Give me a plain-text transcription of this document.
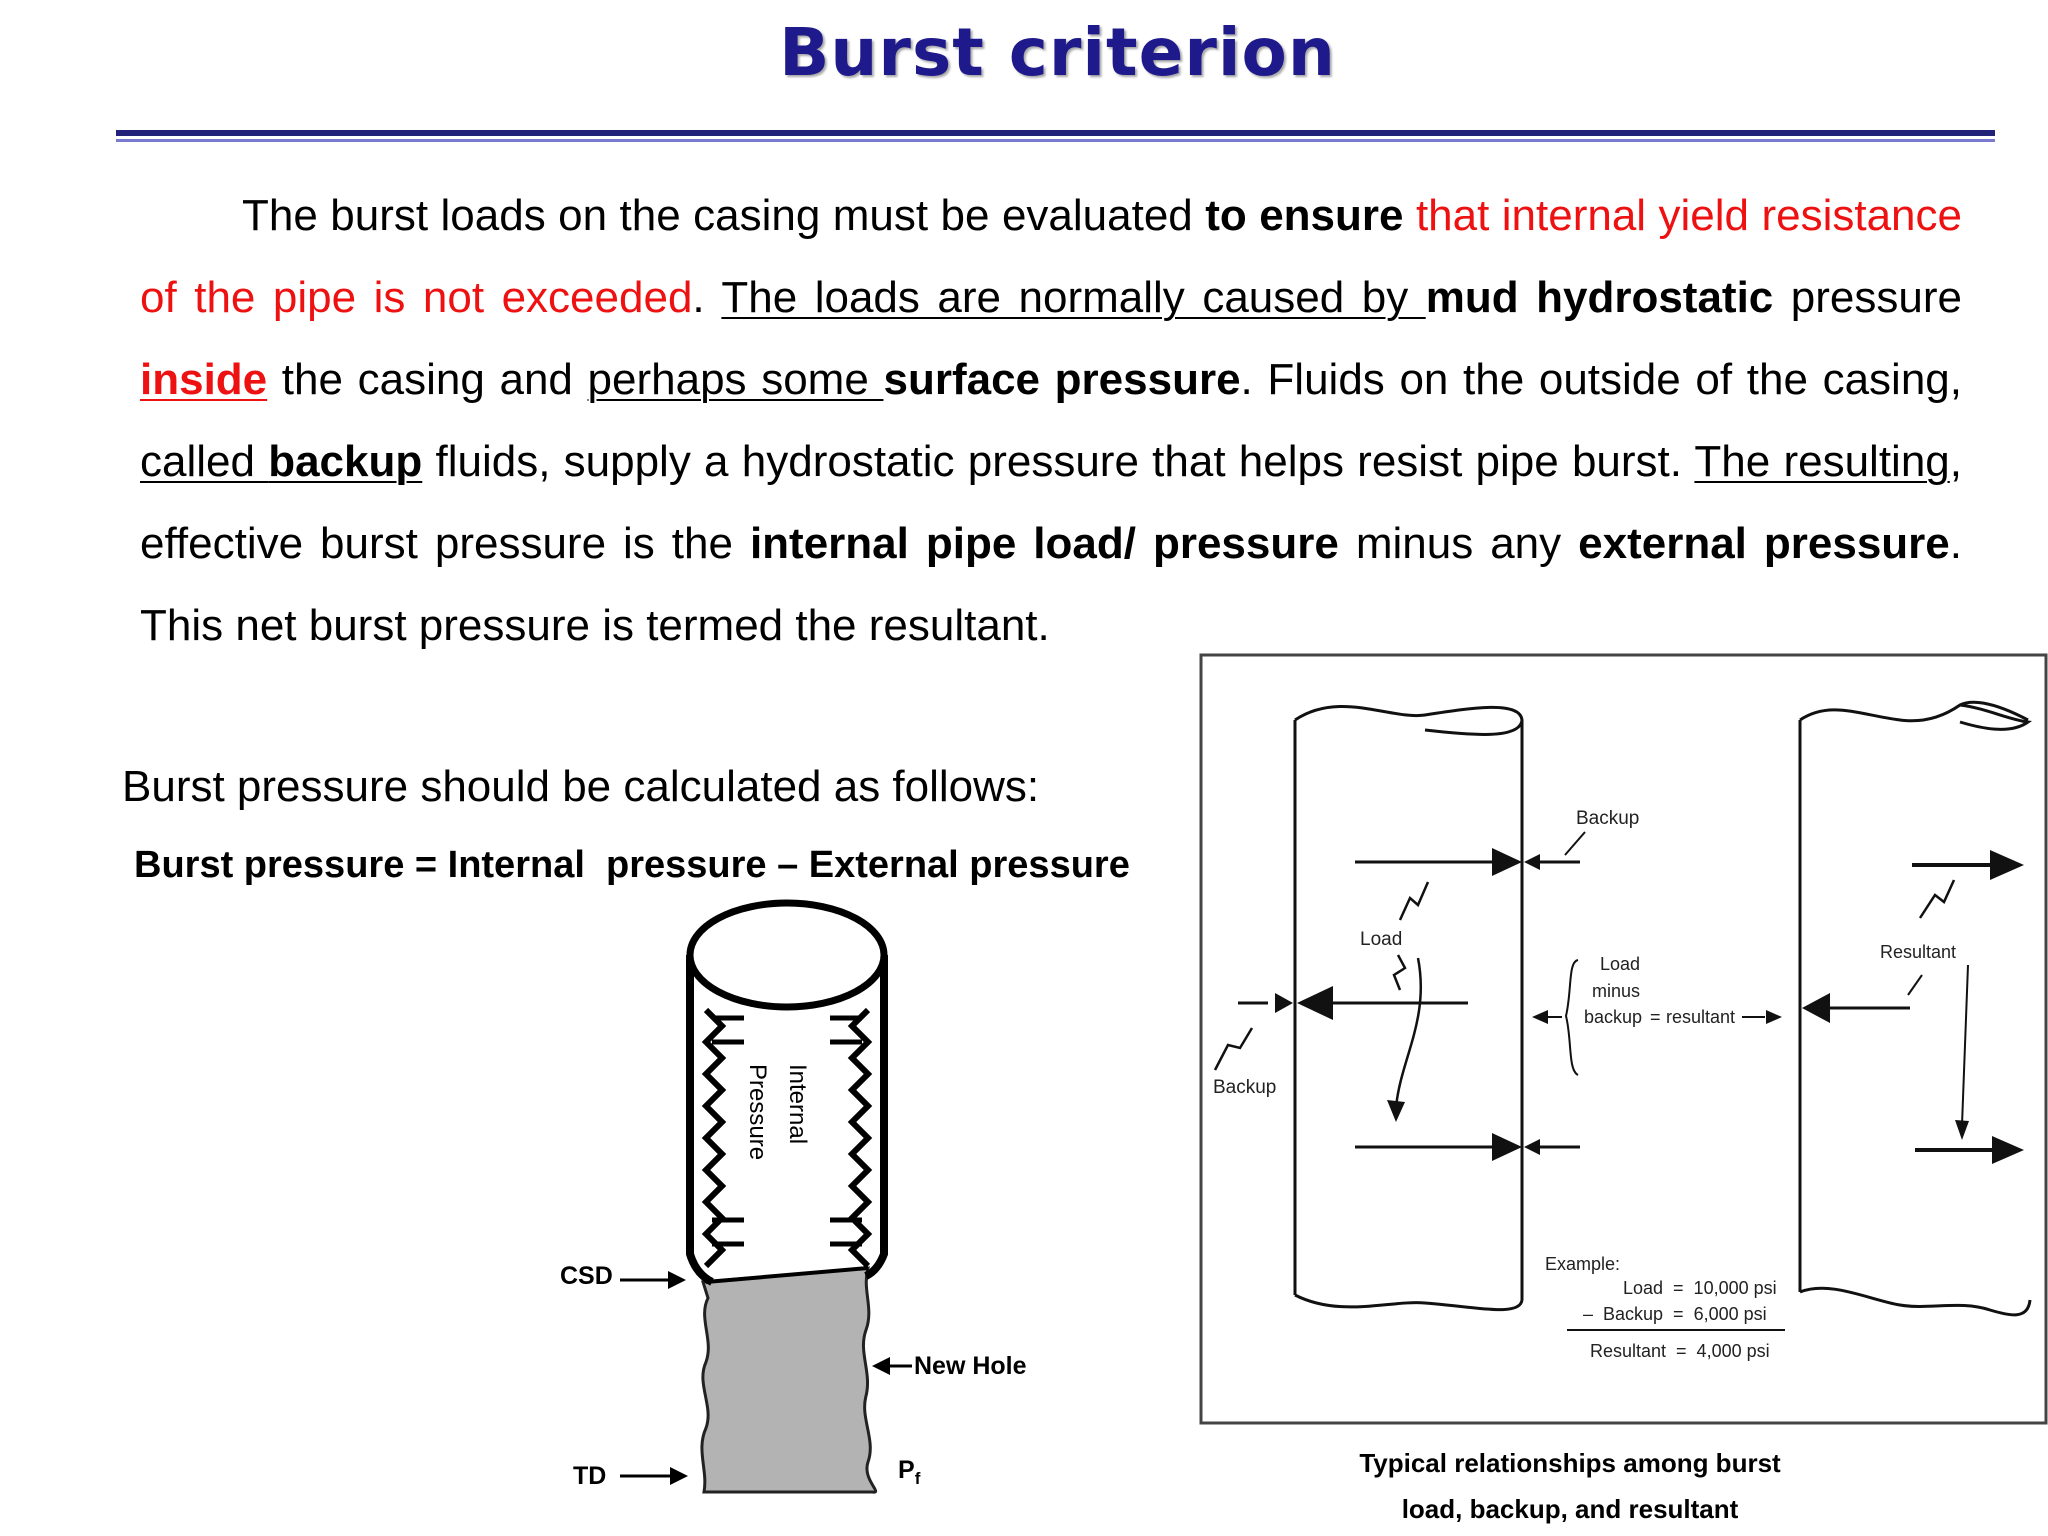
Burst criterion

The burst loads on the casing must be evaluated to ensure that internal yield resistance of the pipe is not exceeded. The loads are normally caused by mud hydrostatic pressure inside the casing and perhaps some surface pressure. Fluids on the outside of the casing, called backup fluids, supply a hydrostatic pressure that helps resist pipe burst. The resulting, effective burst pressure is the internal pipe load/ pressure minus any external pressure. This net burst pressure is termed the resultant.

Burst pressure should be calculated as follows:

Burst pressure = Internal  pressure – External pressure

Internal
Pressure
CSD
New Hole
TD	$P_f$
Backup
Load
Backup
Load
minus
backup = resultant
Resultant
Example:
Load  =  10,000 psi
–  Backup  =  6,000 psi
Resultant  =  4,000 psi

Typical relationships among burst
load, backup, and resultant
